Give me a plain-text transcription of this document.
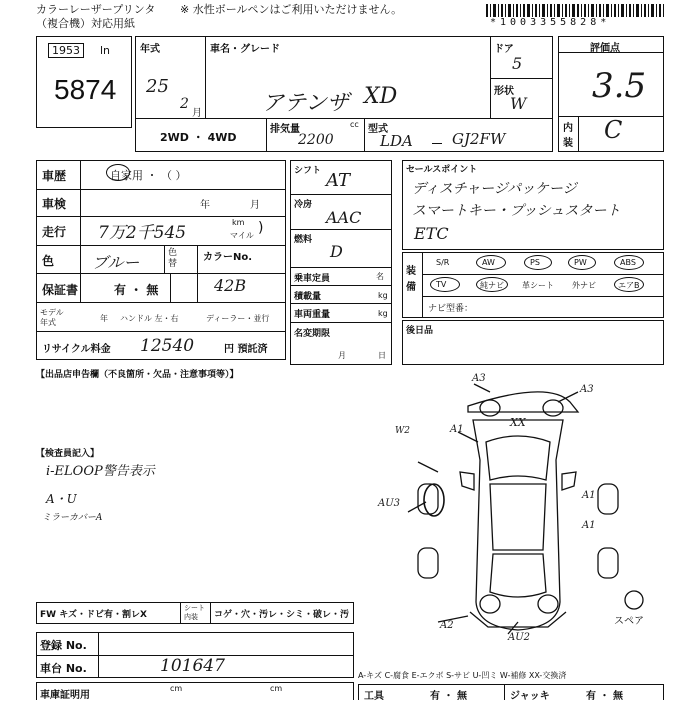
カラーレーザープリンタ
（複合機）対応用紙
※ 水性ボールペンはご利用いただけません。
*1003355828*
1953	ln
5874
年式
25
2
月
車名・グレード
アテンザ XD
ドア
5
形状
W
2WD ・ 4WD
排気量	cc
2200
型式
LDA	GJ2FW
評価点
3.5
内
装 C
車歴	自家用 ・ （ ）
車検	年	月
走行 7万2千545
km
マイル )
色 ブルー	色替
カラーNo.
42B
保証書	有 ・ 無
モデル
年式	年 ハンドル 左・右	ディーラー・並行
リサイクル料金 12540	円 預託済
シフト AT
冷房
AAC
燃料
D
乗車定員	名
積載量	kg
車両重量	kg
名変期限
月	日
セールスポイント
ディスチャージパッケージ
スマートキー・プッシュスタート
ETC
装
備
S/R	AW	PS	PW	ABS
TV	純ナビ 革シート 外ナビ	エアB
ナビ型番：
後日品
【出品店申告欄（不良箇所・欠品・注意事項等）】
【検査員記入】
i-ELOOP警告表示
A・U
ミラーカバーA
A3
A3
XX
A1
W2
AU3
A1
A1
A2
AU2
スペア
FW キズ・ドビ有・割レX
シート
内装 コゲ・穴・汚レ・シミ・破レ・汚
登録 No.
車台 No.	101647
車庫証明用
cm	cm
A-キズ C-腐食 E-エクボ S-サビ U-凹ミ W-補修 XX-交換済
工具	有 ・ 無	ジャッキ	有 ・ 無
